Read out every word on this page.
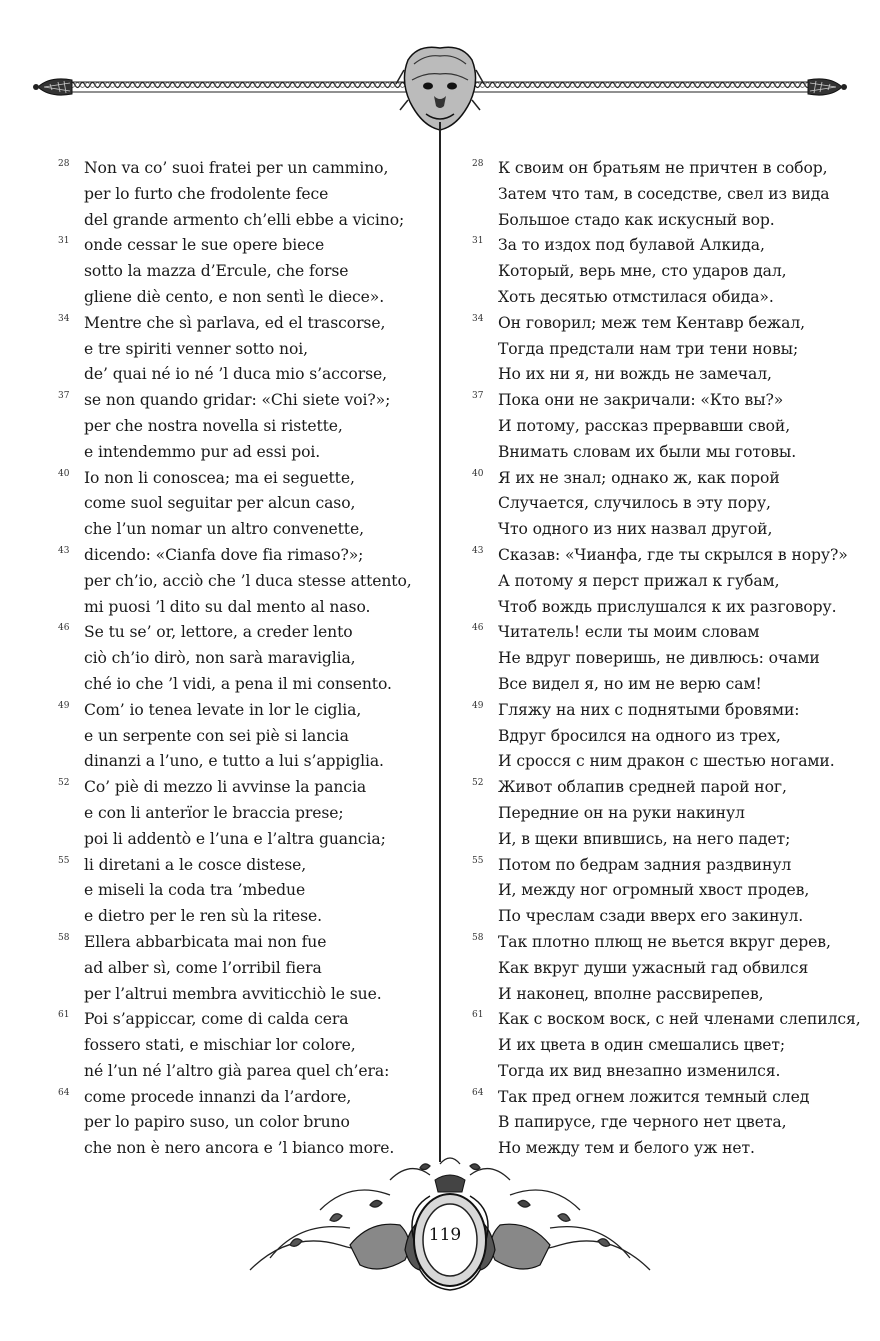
28 Non va co’ suoi fratei per un cammino,
per lo furto che frodolente fece
del grande armento ch’elli ebbe a vicino;
31 onde cessar le sue opere biece
sotto la mazza d’Ercule, che forse
gliene diè cento, e non sentì le diece».
34 Mentre che sì parlava, ed el trascorse,
e tre spiriti venner sotto noi,
de’ quai né io né ’l duca mio s’accorse,
37 se non quando gridar: «Chi siete voi?»;
per che nostra novella si ristette,
e intendemmo pur ad essi poi.
40 Io non li conoscea; ma ei seguette,
come suol seguitar per alcun caso,
che l’un nomar un altro convenette,
43 dicendo: «Cianfa dove fia rimaso?»;
per ch’io, acciò che ’l duca stesse attento,
mi puosi ’l dito su dal mento al naso.
46 Se tu se’ or, lettore, a creder lento
ciò ch’io dirò, non sarà maraviglia,
ché io che ’l vidi, a pena il mi consento.
49 Com’ io tenea levate in lor le ciglia,
e un serpente con sei piè si lancia
dinanzi a l’uno, e tutto a lui s’appiglia.
52 Co’ piè di mezzo li avvinse la pancia
e con li anterïor le braccia prese;
poi li addentò e l’una e l’altra guancia;
55 li diretani a le cosce distese,
e miseli la coda tra ’mbedue
e dietro per le ren sù la ritese.
58 Ellera abbarbicata mai non fue
ad alber sì, come l’orribil fiera
per l’altrui membra avviticchiò le sue.
61 Poi s’appiccar, come di calda cera
fossero stati, e mischiar lor colore,
né l’un né l’altro già parea quel ch’era:
64 come procede innanzi da l’ardore,
per lo papiro suso, un color bruno
che non è nero ancora e ’l bianco more.
28 К своим он братьям не причтен в собор,
Затем что там, в соседстве, свел из вида
Большое стадо как искусный вор.
31 За то издох под булавой Алкида,
Который, верь мне, сто ударов дал,
Хоть десятью отмстилася обида».
34 Он говорил; меж тем Кентавр бежал,
Тогда предстали нам три тени новы;
Но их ни я, ни вождь не замечал,
37 Пока они не закричали: «Кто вы?»
И потому, рассказ прервавши свой,
Внимать словам их были мы готовы.
40 Я их не знал; однако ж, как порой
Случается, случилось в эту пору,
Что одного из них назвал другой,
43 Сказав: «Чианфа, где ты скрылся в нору?»
А потому я перст прижал к губам,
Чтоб вождь прислушался к их разговору.
46 Читатель! если ты моим словам
Не вдруг поверишь, не дивлюсь: очами
Все видел я, но им не верю сам!
49 Гляжу на них с поднятыми бровями:
Вдруг бросился на одного из трех,
И сросся с ним дракон с шестью ногами.
52 Живот облапив средней парой ног,
Передние он на руки накинул
И, в щеки впившись, на него падет;
55 Потом по бедрам задния раздвинул
И, между ног огромный хвост продев,
По чреслам сзади вверх его закинул.
58 Так плотно плющ не вьется вкруг дерев,
Как вкруг души ужасный гад обвился
И наконец, вполне рассвирепев,
61 Как с воском воск, с ней членами слепился,
И их цвета в один смешались цвет;
Тогда их вид внезапно изменился.
64 Так пред огнем ложится темный след
В папирусе, где черного нет цвета,
Но между тем и белого уж нет.
119
